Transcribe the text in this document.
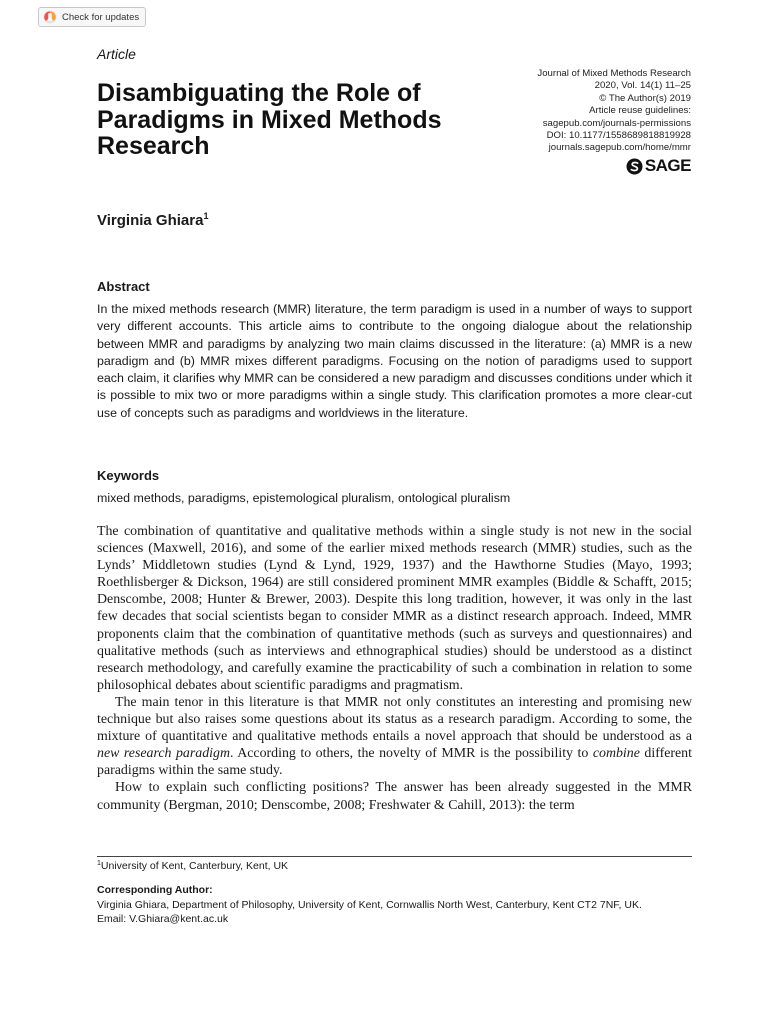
Check for updates
Article
Disambiguating the Role of Paradigms in Mixed Methods Research
Journal of Mixed Methods Research
2020, Vol. 14(1) 11–25
© The Author(s) 2019
Article reuse guidelines:
sagepub.com/journals-permissions
DOI: 10.1177/1558689818819928
journals.sagepub.com/home/mmr
SAGE
Virginia Ghiara$^1$
Abstract

In the mixed methods research (MMR) literature, the term paradigm is used in a number of ways to support very different accounts. This article aims to contribute to the ongoing dialogue about the relationship between MMR and paradigms by analyzing two main claims discussed in the literature: (a) MMR is a new paradigm and (b) MMR mixes different paradigms. Focusing on the notion of paradigms used to support each claim, it clarifies why MMR can be considered a new paradigm and discusses conditions under which it is possible to mix two or more paradigms within a single study. This clarification promotes a more clear-cut use of concepts such as paradigms and worldviews in the literature.

Keywords
mixed methods, paradigms, epistemological pluralism, ontological pluralism

The combination of quantitative and qualitative methods within a single study is not new in the social sciences (Maxwell, 2016), and some of the earlier mixed methods research (MMR) studies, such as the Lynds’ Middletown studies (Lynd & Lynd, 1929, 1937) and the Hawthorne Studies (Mayo, 1993; Roethlisberger & Dickson, 1964) are still considered prominent MMR examples (Biddle & Schafft, 2015; Denscombe, 2008; Hunter & Brewer, 2003). Despite this long tradition, however, it was only in the last few decades that social scientists began to consider MMR as a distinct research approach. Indeed, MMR proponents claim that the combination of quantitative methods (such as surveys and questionnaires) and qualitative methods (such as interviews and ethnographical studies) should be understood as a distinct research methodology, and carefully examine the practicability of such a combination in relation to some philosophical debates about scientific paradigms and pragmatism.

The main tenor in this literature is that MMR not only constitutes an interesting and promising new technique but also raises some questions about its status as a research paradigm. According to some, the mixture of quantitative and qualitative methods entails a novel approach that should be understood as a new research paradigm. According to others, the novelty of MMR is the possibility to combine different paradigms within the same study.

How to explain such conflicting positions? The answer has been already suggested in the MMR community (Bergman, 2010; Denscombe, 2008; Freshwater & Cahill, 2013): the term

$^1$University of Kent, Canterbury, Kent, UK
Corresponding Author:
Virginia Ghiara, Department of Philosophy, University of Kent, Cornwallis North West, Canterbury, Kent CT2 7NF, UK.
Email: V.Ghiara@kent.ac.uk
